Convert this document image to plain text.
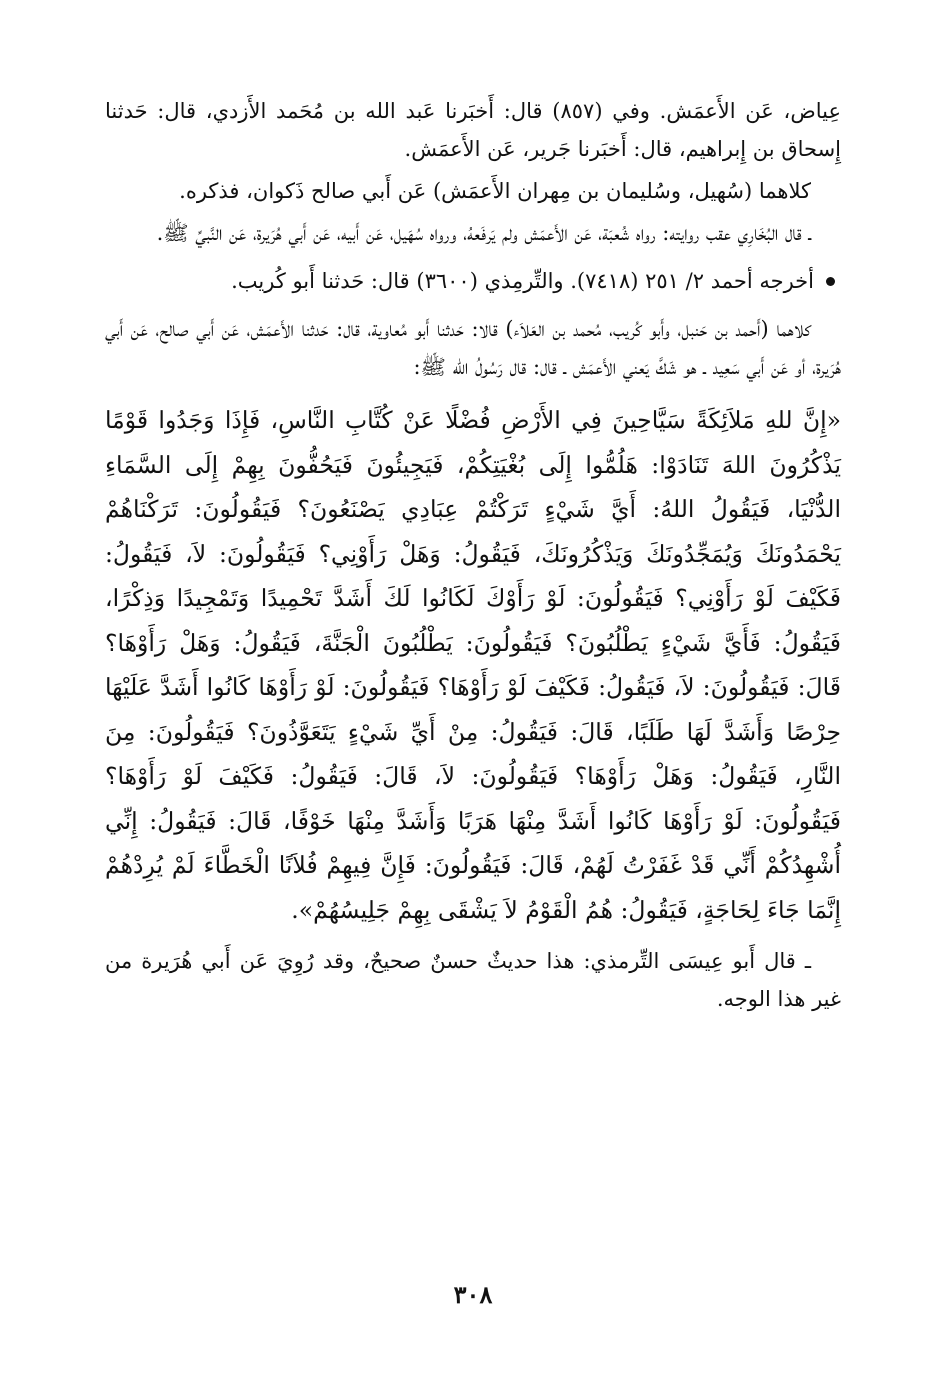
عِياض، عَن الأَعمَش. وفي (٨٥٧) قال: أَخبَرنا عَبد الله بن مُحَمد الأَزدي، قال: حَدثنا إِسحاق بن إِبراهيم، قال: أَخبَرنا جَرير، عَن الأَعمَش.

كلاهما (سُهيل، وسُليمان بن مِهران الأَعمَش) عَن أَبي صالح ذَكوان، فذكره.

ـ قال البُخَارِي عقب روايته: رواه شُعبَة، عَن الأَعمَش ولم يَرفَعهُ، ورواه سُهَيل، عَن أَبيه، عَن أَبي هُرَيرة، عَن النَّبيِّ ﷺ.

أخرجه أحمد ٢/ ٢٥١ (٧٤١٨). والتِّرمِذي (٣٦٠٠) قال: حَدثنا أَبو كُريب.

كلاهما (أَحمد بن حَنبل، وأَبو كُريب، مُحمد بن العَلاَء) قالا: حَدثنا أَبو مُعاوية، قال: حَدثنا الأَعمَش، عَن أَبي صالح، عَن أَبي هُرَيرة، أو عَن أَبي سَعِيد ـ هو شَكَّ يَعني الأَعمَش ـ قال: قال رَسُولُ الله ﷺ:

«إِنَّ للهِ مَلاَئِكَةً سَيَّاحِينَ فِي الأَرْضِ فُضْلًا عَنْ كُتَّابِ النَّاسِ، فَإِذَا وَجَدُوا قَوْمًا يَذْكُرُونَ اللهَ تَنَادَوْا: هَلُمُّوا إِلَى بُغْيَتِكُمْ، فَيَجِيئُونَ فَيَحُفُّونَ بِهِمْ إِلَى السَّمَاءِ الدُّنْيَا، فَيَقُولُ اللهُ: أَيَّ شَيْءٍ تَرَكْتُمْ عِبَادِي يَصْنَعُونَ؟ فَيَقُولُونَ: تَرَكْنَاهُمْ يَحْمَدُونَكَ وَيُمَجِّدُونَكَ وَيَذْكُرُونَكَ، فَيَقُولُ: وَهَلْ رَأَوْنِي؟ فَيَقُولُونَ: لاَ، فَيَقُولُ: فَكَيْفَ لَوْ رَأَوْنِي؟ فَيَقُولُونَ: لَوْ رَأَوْكَ لَكَانُوا لَكَ أَشَدَّ تَحْمِيدًا وَتَمْجِيدًا وَذِكْرًا، فَيَقُولُ: فَأَيَّ شَيْءٍ يَطْلُبُونَ؟ فَيَقُولُونَ: يَطْلُبُونَ الْجَنَّةَ، فَيَقُولُ: وَهَلْ رَأَوْهَا؟ قَالَ: فَيَقُولُونَ: لاَ، فَيَقُولُ: فَكَيْفَ لَوْ رَأَوْهَا؟ فَيَقُولُونَ: لَوْ رَأَوْهَا كَانُوا أَشَدَّ عَلَيْهَا حِرْصًا وَأَشَدَّ لَهَا طَلَبًا، قَالَ: فَيَقُولُ: مِنْ أَيِّ شَيْءٍ يَتَعَوَّذُونَ؟ فَيَقُولُونَ: مِنَ النَّارِ، فَيَقُولُ: وَهَلْ رَأَوْهَا؟ فَيَقُولُونَ: لاَ، قَالَ: فَيَقُولُ: فَكَيْفَ لَوْ رَأَوْهَا؟ فَيَقُولُونَ: لَوْ رَأَوْهَا كَانُوا أَشَدَّ مِنْهَا هَرَبًا وَأَشَدَّ مِنْهَا خَوْفًا، قَالَ: فَيَقُولُ: إِنِّي أُشْهِدُكُمْ أَنِّي قَدْ غَفَرْتُ لَهُمْ، قَالَ: فَيَقُولُونَ: فَإِنَّ فِيهِمْ فُلاَنًا الْخَطَّاءَ لَمْ يُرِدْهُمْ إِنَّمَا جَاءَ لِحَاجَةٍ، فَيَقُولُ: هُمُ الْقَوْمُ لاَ يَشْقَى بِهِمْ جَلِيسُهُمْ».

ـ قال أَبو عِيسَى التِّرمذي: هذا حديثٌ حسنٌ صحيحٌ، وقد رُوِيَ عَن أَبي هُرَيرة من غير هذا الوجه.

٣٠٨
